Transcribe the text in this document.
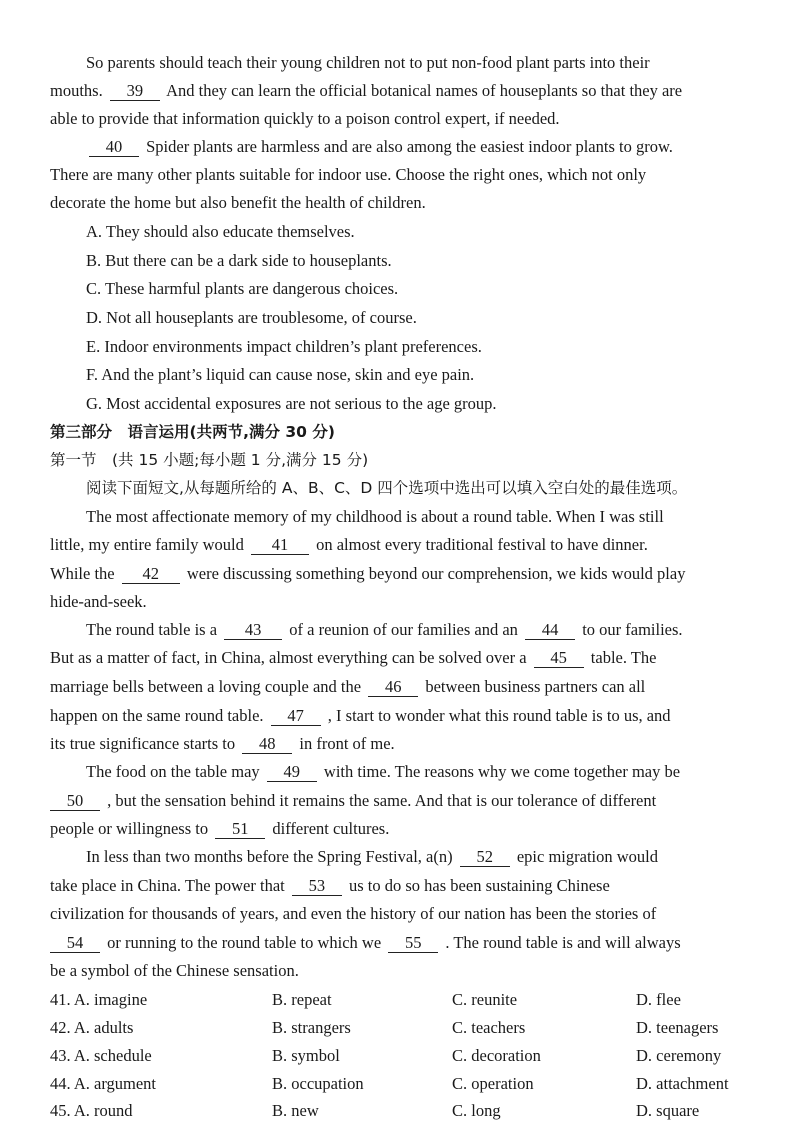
So parents should teach their young children not to put non-food plant parts into their
mouths. 39 And they can learn the official botanical names of houseplants so that they are
able to provide that information quickly to a poison control expert, if needed.
40 Spider plants are harmless and are also among the easiest indoor plants to grow.
There are many other plants suitable for indoor use. Choose the right ones, which not only
decorate the home but also benefit the health of children.
A. They should also educate themselves.
B. But there can be a dark side to houseplants.
C. These harmful plants are dangerous choices.
D. Not all houseplants are troublesome, of course.
E. Indoor environments impact children’s plant preferences.
F. And the plant’s liquid can cause nose, skin and eye pain.
G. Most accidental exposures are not serious to the age group.
第三部分　语言运用(共两节,满分 30 分)
第一节　(共 15 小题;每小题 1 分,满分 15 分)
阅读下面短文,从每题所给的 A、B、C、D 四个选项中选出可以填入空白处的最佳选项。
The most affectionate memory of my childhood is about a round table. When I was still
little, my entire family would 41 on almost every traditional festival to have dinner.
While the 42 were discussing something beyond our comprehension, we kids would play
hide-and-seek.
The round table is a 43 of a reunion of our families and an 44 to our families.
But as a matter of fact, in China, almost everything can be solved over a 45 table. The
marriage bells between a loving couple and the 46 between business partners can all
happen on the same round table. 47 , I start to wonder what this round table is to us, and
its true significance starts to 48 in front of me.
The food on the table may 49 with time. The reasons why we come together may be
50 , but the sensation behind it remains the same. And that is our tolerance of different
people or willingness to 51 different cultures.
In less than two months before the Spring Festival, a(n) 52 epic migration would
take place in China. The power that 53 us to do so has been sustaining Chinese
civilization for thousands of years, and even the history of our nation has been the stories of
54 or running to the round table to which we 55 . The round table is and will always
be a symbol of the Chinese sensation.
41. A. imagine	B. repeat	C. reunite	D. flee
42. A. adults	B. strangers	C. teachers	D. teenagers
43. A. schedule	B. symbol	C. decoration	D. ceremony
44. A. argument	B. occupation	C. operation	D. attachment
45. A. round	B. new	C. long	D. square
